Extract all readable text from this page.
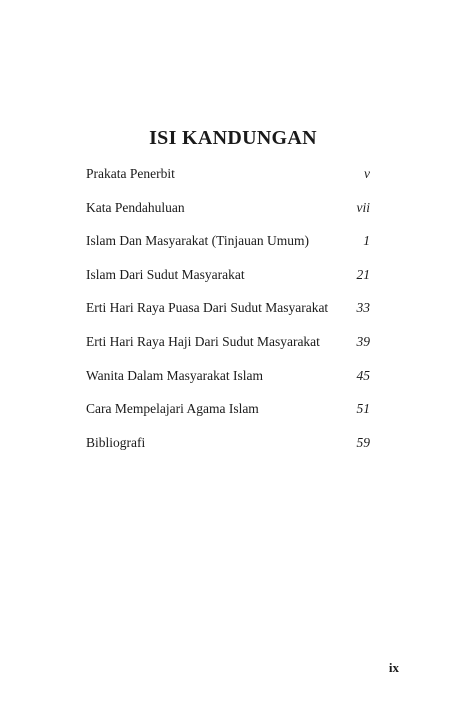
ISI KANDUNGAN
Prakata Penerbit	v
Kata Pendahuluan	vii
Islam Dan Masyarakat (Tinjauan Umum)	1
Islam Dari Sudut Masyarakat	21
Erti Hari Raya Puasa Dari Sudut Masyarakat 33
Erti Hari Raya Haji Dari Sudut Masyarakat	39
Wanita Dalam Masyarakat Islam	45
Cara Mempelajari Agama Islam	51
Bibliografi	59
ix
